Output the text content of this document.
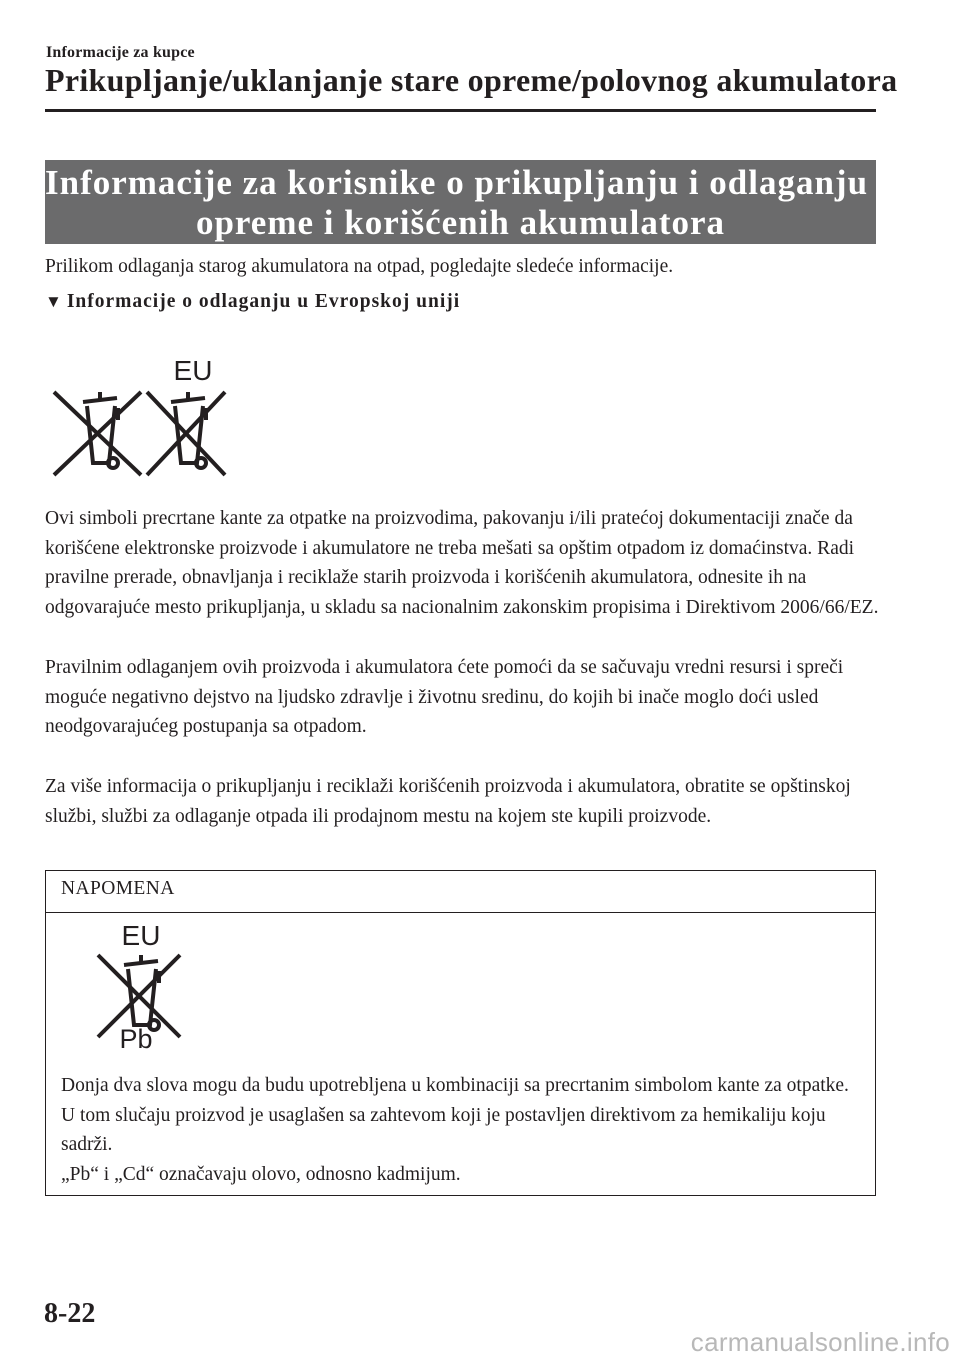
Informacije za kupce
Prikupljanje/uklanjanje stare opreme/polovnog akumulatora
Informacije za korisnike o prikupljanju i odlaganju stare
opreme i korišćenih akumulatora
Prilikom odlaganja starog akumulatora na otpad, pogledajte sledeće informacije.
▼ Informacije o odlaganju u Evropskoj uniji
EU
Ovi simboli precrtane kante za otpatke na proizvodima, pakovanju i/ili pratećoj dokumentaciji znače da korišćene elektronske proizvode i akumulatore ne treba mešati sa opštim otpadom iz domaćinstva. Radi pravilne prerade, obnavljanja i reciklaže starih proizvoda i korišćenih akumulatora, odnesite ih na odgovarajuće mesto prikupljanja, u skladu sa nacionalnim zakonskim propisima i Direktivom 2006/66/EZ.
Pravilnim odlaganjem ovih proizvoda i akumulatora ćete pomoći da se sačuvaju vredni resursi i spreči moguće negativno dejstvo na ljudsko zdravlje i životnu sredinu, do kojih bi inače moglo doći usled neodgovarajućeg postupanja sa otpadom.
Za više informacija o prikupljanju i reciklaži korišćenih proizvoda i akumulatora, obratite se opštinskoj službi, službi za odlaganje otpada ili prodajnom mestu na kojem ste kupili proizvode.
NAPOMENA
EU
Pb
Donja dva slova mogu da budu upotrebljena u kombinaciji sa precrtanim simbolom kante za otpatke. U tom slučaju proizvod je usaglašen sa zahtevom koji je postavljen direktivom za hemikaliju koju sadrži.
„Pb“ i „Cd“ označavaju olovo, odnosno kadmijum.
8-22
carmanualsonline.info
